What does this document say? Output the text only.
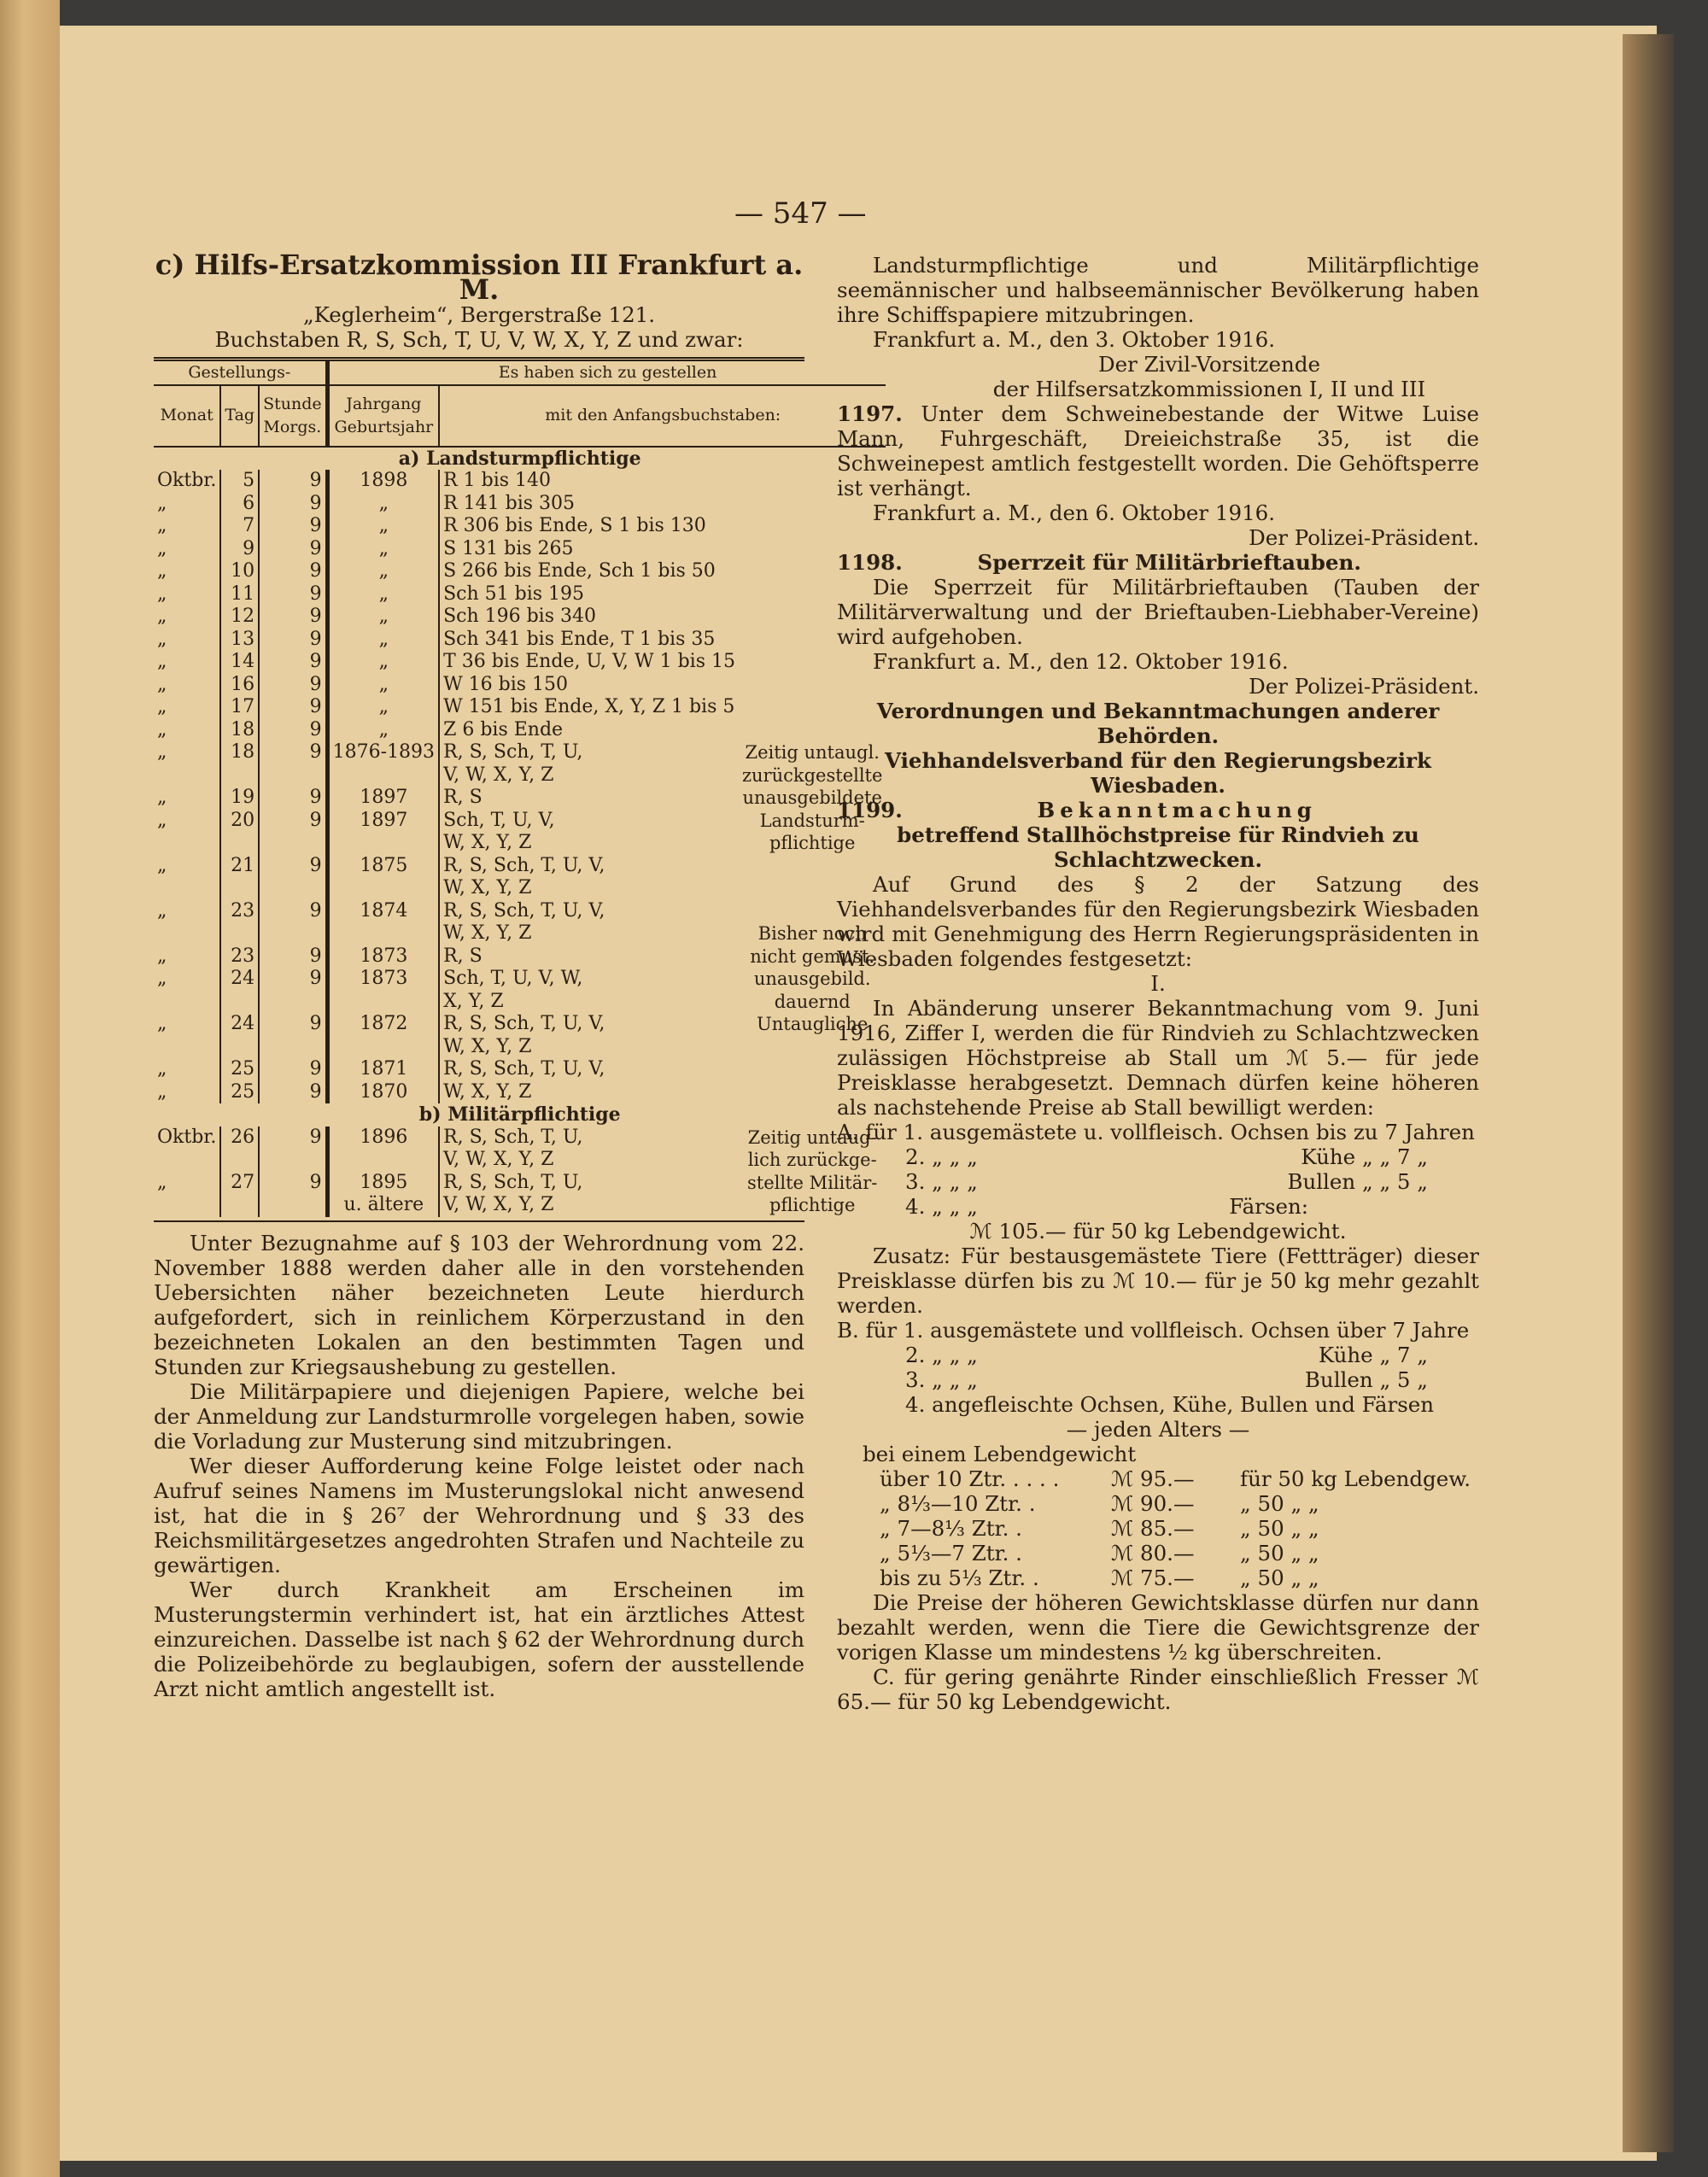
— 547 —

c) Hilfs-Ersatzkommission III Frankfurt a. M.

„Keglerheim“, Bergerstraße 121.

Buchstaben R, S, Sch, T, U, V, W, X, Y, Z und zwar:

Gestellungs-			Es haben sich zu gestellen		
Monat	Tag	Stunde Morgs.	Jahrgang Geburtsjahr	mit den Anfangsbuchstaben:	
a) Landsturmpflichtige					
Oktbr.	5	9	1898	R 1 bis 140	
„	6	9	„	R 141 bis 305	
„	7	9	„	R 306 bis Ende, S 1 bis 130	
„	9	9	„	S 131 bis 265	
„	10	9	„	S 266 bis Ende, Sch 1 bis 50	
„	11	9	„	Sch 51 bis 195	
„	12	9	„	Sch 196 bis 340	
„	13	9	„	Sch 341 bis Ende, T 1 bis 35	
„	14	9	„	T 36 bis Ende, U, V, W 1 bis 15	
„	16	9	„	W 16 bis 150	
„	17	9	„	W 151 bis Ende, X, Y, Z 1 bis 5	
„	18	9	„	Z 6 bis Ende	
„	18	9	1876-1893	R, S, Sch, T, U,	Zeitig untaugl.
				V, W, X, Y, Z	zurückgestellte
„	19	9	1897	R, S	unausgebildete
„	20	9	1897	Sch, T, U, V,	Landsturm-
				W, X, Y, Z	pflichtige
„	21	9	1875	R, S, Sch, T, U, V,	
				W, X, Y, Z	
„	23	9	1874	R, S, Sch, T, U, V,	
				W, X, Y, Z	Bisher noch
„	23	9	1873	R, S	nicht gemust.
„	24	9	1873	Sch, T, U, V, W,	unausgebild.
				X, Y, Z	dauernd
„	24	9	1872	R, S, Sch, T, U, V,	Untaugliche
				W, X, Y, Z	
„	25	9	1871	R, S, Sch, T, U, V,	
„	25	9	1870	W, X, Y, Z	
b) Militärpflichtige					
Oktbr.	26	9	1896	R, S, Sch, T, U,	Zeitig untaug-
				V, W, X, Y, Z	lich zurückge-
„	27	9	1895	R, S, Sch, T, U,	stellte Militär-
			u. ältere	V, W, X, Y, Z	pflichtige

Unter Bezugnahme auf § 103 der Wehrordnung vom 22. November 1888 werden daher alle in den vorstehenden Uebersichten näher bezeichneten Leute hierdurch aufgefordert, sich in reinlichem Körperzustand in den bezeichneten Lokalen an den bestimmten Tagen und Stunden zur Kriegsaushebung zu gestellen.

Die Militärpapiere und diejenigen Papiere, welche bei der Anmeldung zur Landsturmrolle vorgelegen haben, sowie die Vorladung zur Musterung sind mitzubringen.

Wer dieser Aufforderung keine Folge leistet oder nach Aufruf seines Namens im Musterungslokal nicht anwesend ist, hat die in § 26⁷ der Wehrordnung und § 33 des Reichsmilitärgesetzes angedrohten Strafen und Nachteile zu gewärtigen.

Wer durch Krankheit am Erscheinen im Musterungstermin verhindert ist, hat ein ärztliches Attest einzureichen. Dasselbe ist nach § 62 der Wehrordnung durch die Polizeibehörde zu beglaubigen, sofern der ausstellende Arzt nicht amtlich angestellt ist.

Landsturmpflichtige und Militärpflichtige seemännischer und halbseemännischer Bevölkerung haben ihre Schiffspapiere mitzubringen.

Frankfurt a. M., den 3. Oktober 1916.

Der Zivil-Vorsitzende

der Hilfsersatzkommissionen I, II und III

1197. Unter dem Schweinebestande der Witwe Luise Mann, Fuhrgeschäft, Dreieichstraße 35, ist die Schweinepest amtlich festgestellt worden. Die Gehöftsperre ist verhängt.

Frankfurt a. M., den 6. Oktober 1916.

Der Polizei-Präsident.

1198.	Sperrzeit für Militärbrieftauben.

Die Sperrzeit für Militärbrieftauben (Tauben der Militärverwaltung und der Brieftauben-Liebhaber-Vereine) wird aufgehoben.

Frankfurt a. M., den 12. Oktober 1916.

Der Polizei-Präsident.

Verordnungen und Bekanntmachungen anderer Behörden.

Viehhandelsverband für den Regierungsbezirk Wiesbaden.

1199.	Bekanntmachung

betreffend Stallhöchstpreise für Rindvieh zu Schlachtzwecken.

Auf Grund des § 2 der Satzung des Viehhandelsverbandes für den Regierungsbezirk Wiesbaden wird mit Genehmigung des Herrn Regierungspräsidenten in Wiesbaden folgendes festgesetzt:

I.

In Abänderung unserer Bekanntmachung vom 9. Juni 1916, Ziffer I, werden die für Rindvieh zu Schlachtzwecken zulässigen Höchstpreise ab Stall um ℳ 5.— für jede Preisklasse herabgesetzt. Demnach dürfen keine höheren als nachstehende Preise ab Stall bewilligt werden:

A. für 1. ausgemästete u. vollfleisch. Ochsen bis zu 7 Jahren

2. „ „ „	Kühe „ „ 7 „
3. „ „ „	Bullen „ „ 5 „
4. „ „ „	Färsen:

ℳ 105.— für 50 kg Lebendgewicht.

Zusatz: Für bestausgemästete Tiere (Fettträger) dieser Preisklasse dürfen bis zu ℳ 10.— für je 50 kg mehr gezahlt werden.

B. für 1. ausgemästete und vollfleisch. Ochsen über 7 Jahre

2. „ „ „	Kühe „ 7 „
3. „ „ „	Bullen „ 5 „

4. angefleischte Ochsen, Kühe, Bullen und Färsen

— jeden Alters —

bei einem Lebendgewicht

über 10 Ztr. . . . .	ℳ 95.—	für 50 kg Lebendgew.
„ 8⅓—10 Ztr. .	ℳ 90.—	„ 50 „ „
„ 7—8⅓ Ztr. .	ℳ 85.—	„ 50 „ „
„ 5⅓—7 Ztr. .	ℳ 80.—	„ 50 „ „
bis zu 5⅓ Ztr. .	ℳ 75.—	„ 50 „ „

Die Preise der höheren Gewichtsklasse dürfen nur dann bezahlt werden, wenn die Tiere die Gewichtsgrenze der vorigen Klasse um mindestens ½ kg überschreiten.

C. für gering genährte Rinder einschließlich Fresser ℳ 65.— für 50 kg Lebendgewicht.
